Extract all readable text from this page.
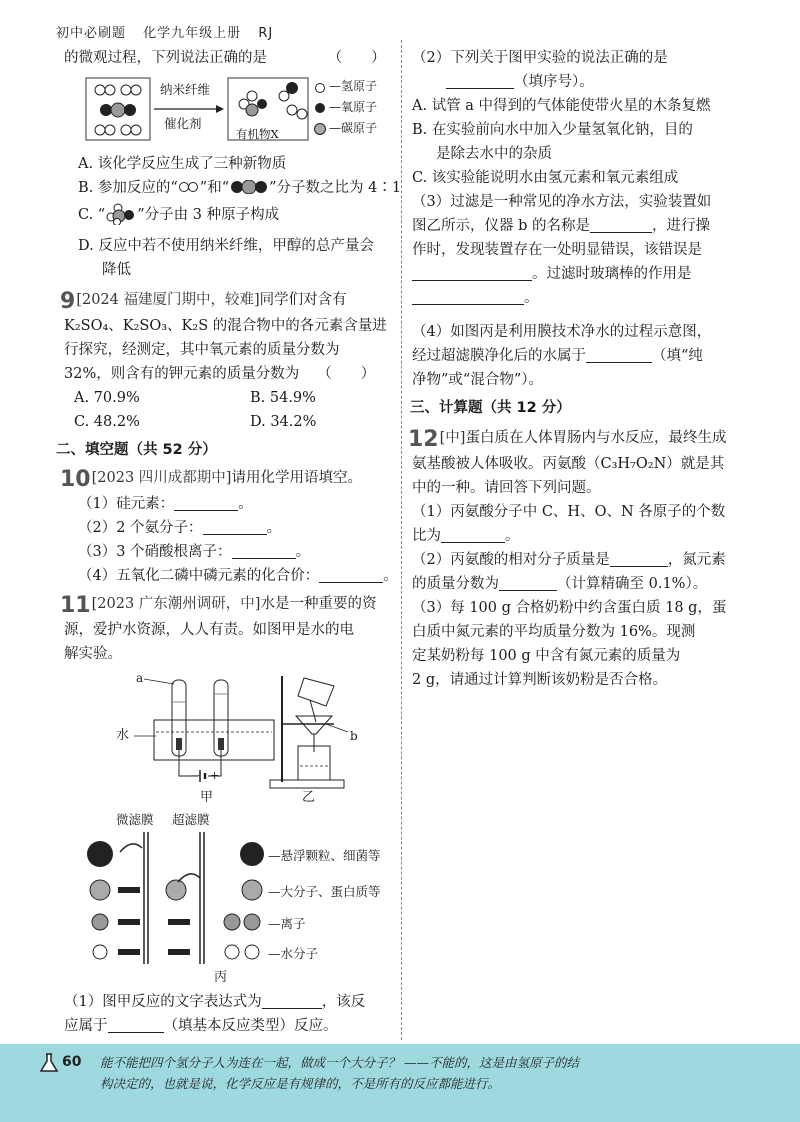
初中必刷题 化学九年级上册 RJ
的微观过程，下列说法正确的是	（　　）
纳米纤维
催化剂
有机物X
—氢原子
—氧原子
—碳原子
A. 该化学反应生成了三种新物质
B. 参加反应的“ ”和“	”分子数之比为 4∶1
C. “ ”分子由 3 种原子构成
D. 反应中若不使用纳米纤维，甲醇的总产量会
降低
9[2024 福建厦门期中，较难]同学们对含有
K₂SO₄、K₂SO₃、K₂S 的混合物中的各元素含量进
行探究，经测定，其中氧元素的质量分数为
32%，则含有的钾元素的质量分数为 （　　）
A. 70.9%	B. 54.9%
C. 48.2%	D. 34.2%
二、填空题（共 52 分）
10[2023 四川成都期中]请用化学用语填空。
（1）硅元素：	。
（2）2 个氨分子：	。
（3）3 个硝酸根离子：	。
（4）五氧化二磷中磷元素的化合价：	。
11[2023 广东潮州调研，中]水是一种重要的资
源，爱护水资源，人人有责。如图甲是水的电
解实验。
a
b
水
— +
甲	乙
微滤膜 超滤膜
—悬浮颗粒、细菌等
—大分子、蛋白质等
—离子
—水分子
丙
（1）图甲反应的文字表达式为	，该反
应属于	（填基本反应类型）反应。
（2）下列关于图甲实验的说法正确的是
（填序号）。
A. 试管 a 中得到的气体能使带火星的木条复燃
B. 在实验前向水中加入少量氢氧化钠，目的
是除去水中的杂质
C. 该实验能说明水由氢元素和氧元素组成
（3）过滤是一种常见的净水方法，实验装置如
图乙所示，仪器 b 的名称是	，进行操
作时，发现装置存在一处明显错误，该错误是
。过滤时玻璃棒的作用是
。
（4）如图丙是利用膜技术净水的过程示意图，
经过超滤膜净化后的水属于	（填“纯
净物”或“混合物”）。
三、计算题（共 12 分）
12[中]蛋白质在人体胃肠内与水反应，最终生成
氨基酸被人体吸收。丙氨酸（C₃H₇O₂N）就是其
中的一种。请回答下列问题。
（1）丙氨酸分子中 C、H、O、N 各原子的个数
比为	。
（2）丙氨酸的相对分子质量是	，氮元素
的质量分数为	（计算精确至 0.1%）。
（3）每 100 g 合格奶粉中约含蛋白质 18 g，蛋
白质中氮元素的平均质量分数为 16%。现测
定某奶粉每 100 g 中含有氮元素的质量为
2 g，请通过计算判断该奶粉是否合格。
60 能不能把四个氢分子人为连在一起，做成一个大分子？ ——不能的，这是由氢原子的结
构决定的，也就是说，化学反应是有规律的，不是所有的反应都能进行。
